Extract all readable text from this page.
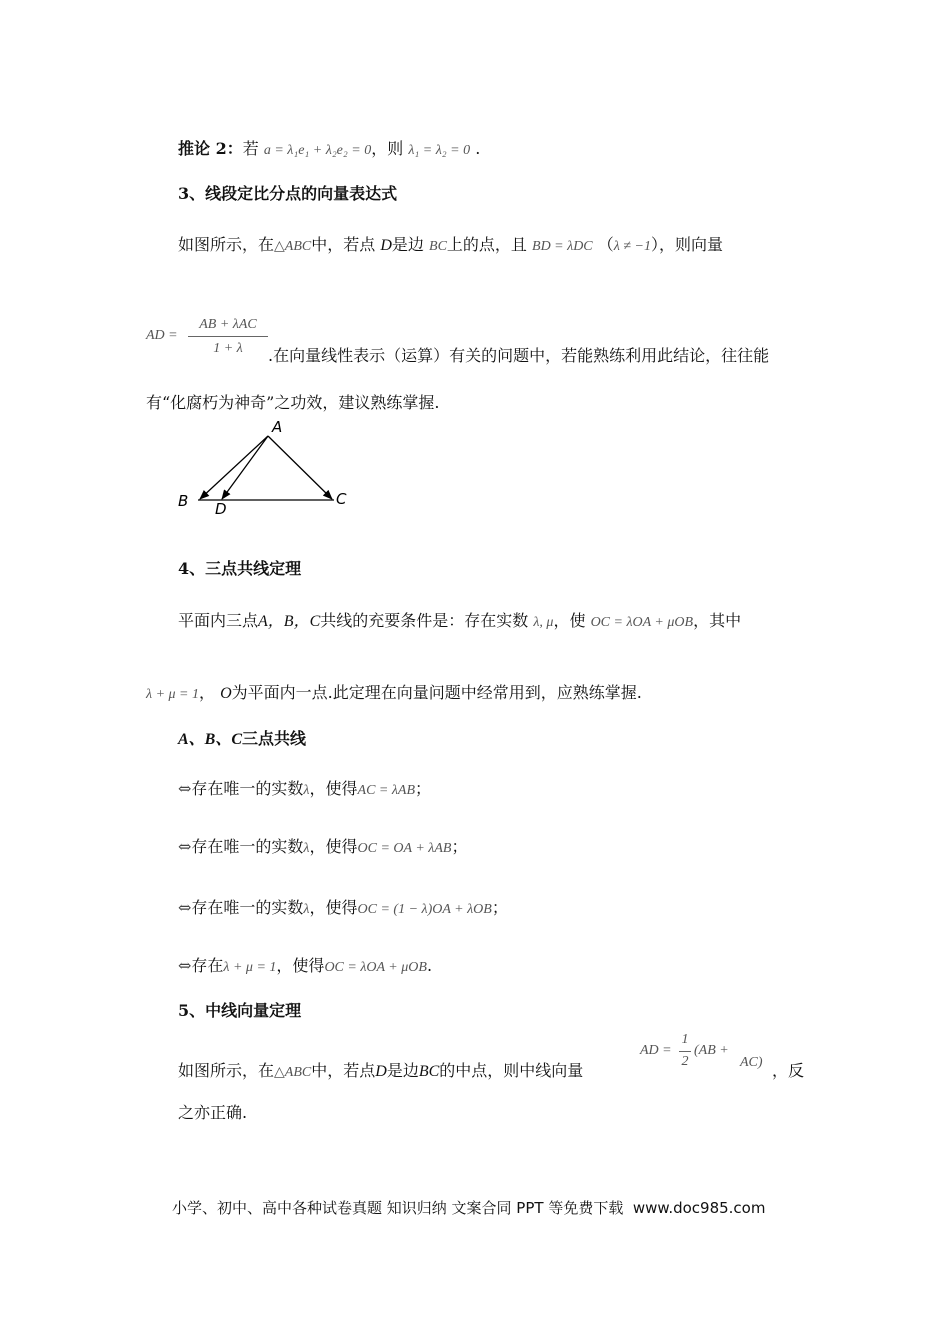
推论 2：若 a = λ₁e₁ + λ₂e₂ = 0，则 λ₁ = λ₂ = 0 .
3、线段定比分点的向量表达式
如图所示，在△ABC中，若点 D是边 BC上的点，且 BD = λDC （λ ≠ −1），则向量
AD =
AB + λAC
1 + λ	.在向量线性表示（运算）有关的问题中，若能熟练利用此结论，往往能
有“化腐朽为神奇”之功效，建议熟练掌握.
A
B	C
D
4、三点共线定理
平面内三点A，B，C共线的充要条件是：存在实数 λ, μ，使 OC = λOA + μOB，其中
λ + μ = 1， O为平面内一点.此定理在向量问题中经常用到，应熟练掌握.
A、B、C三点共线
⇔存在唯一的实数λ，使得AC = λAB；
⇔存在唯一的实数λ，使得OC = OA + λAB；
⇔存在唯一的实数λ，使得OC = (1 − λ)OA + λOB；
⇔存在λ + μ = 1，使得OC = λOA + μOB.
5、中线向量定理
如图所示，在△ABC中，若点D是边BC的中点，则中线向量
AD =
1
2
(AB +
AC) ，反
之亦正确.
小学、初中、高中各种试卷真题 知识归纳 文案合同 PPT 等免费下载 www.doc985.com
